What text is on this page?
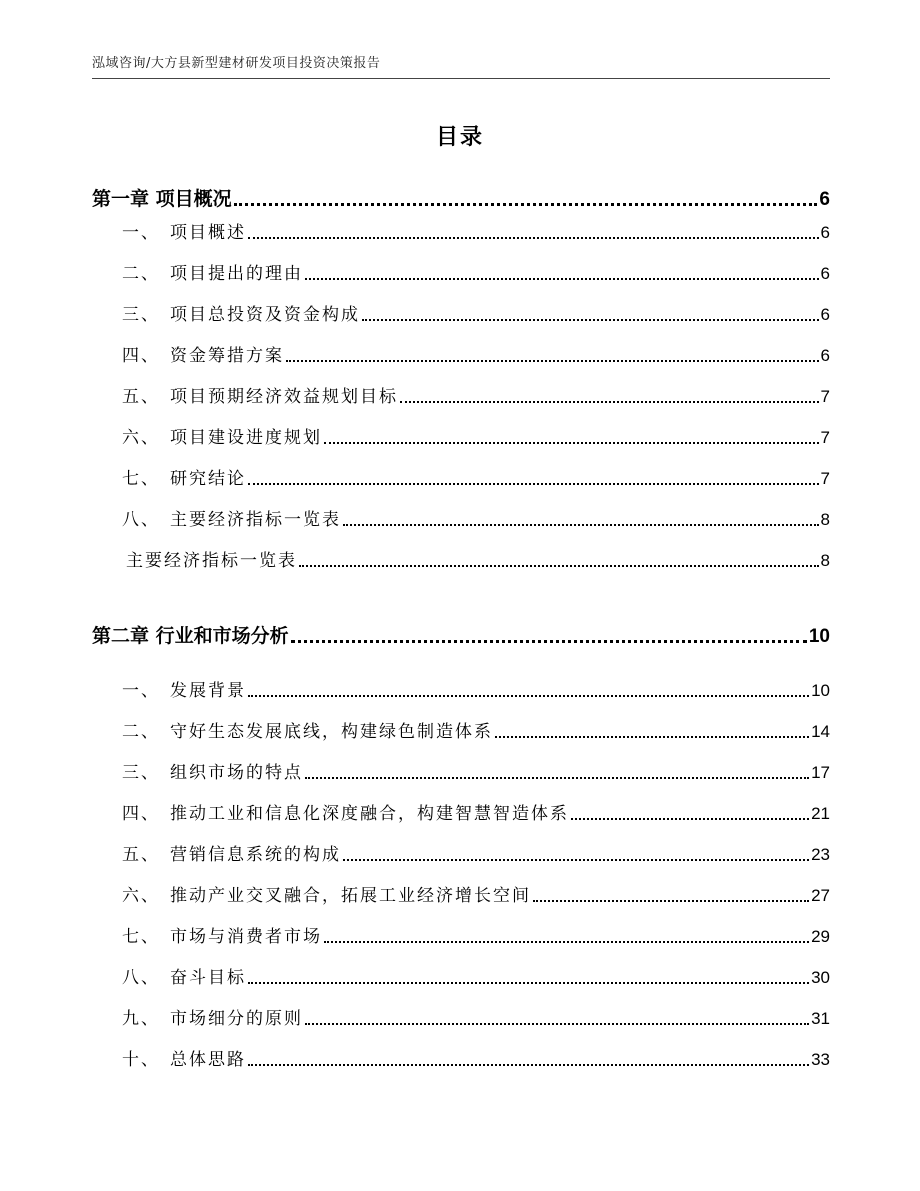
泓域咨询/大方县新型建材研发项目投资决策报告
目录
第一章 项目概况	6
一、 项目概述	6
二、 项目提出的理由	6
三、 项目总投资及资金构成	6
四、 资金筹措方案	6
五、 项目预期经济效益规划目标	7
六、 项目建设进度规划	7
七、 研究结论	7
八、 主要经济指标一览表	8
主要经济指标一览表	8
第二章 行业和市场分析	10
一、 发展背景	10
二、 守好生态发展底线，构建绿色制造体系	14
三、 组织市场的特点	17
四、 推动工业和信息化深度融合，构建智慧智造体系	21
五、 营销信息系统的构成	23
六、 推动产业交叉融合，拓展工业经济增长空间	27
七、 市场与消费者市场	29
八、 奋斗目标	30
九、 市场细分的原则	31
十、 总体思路	33
